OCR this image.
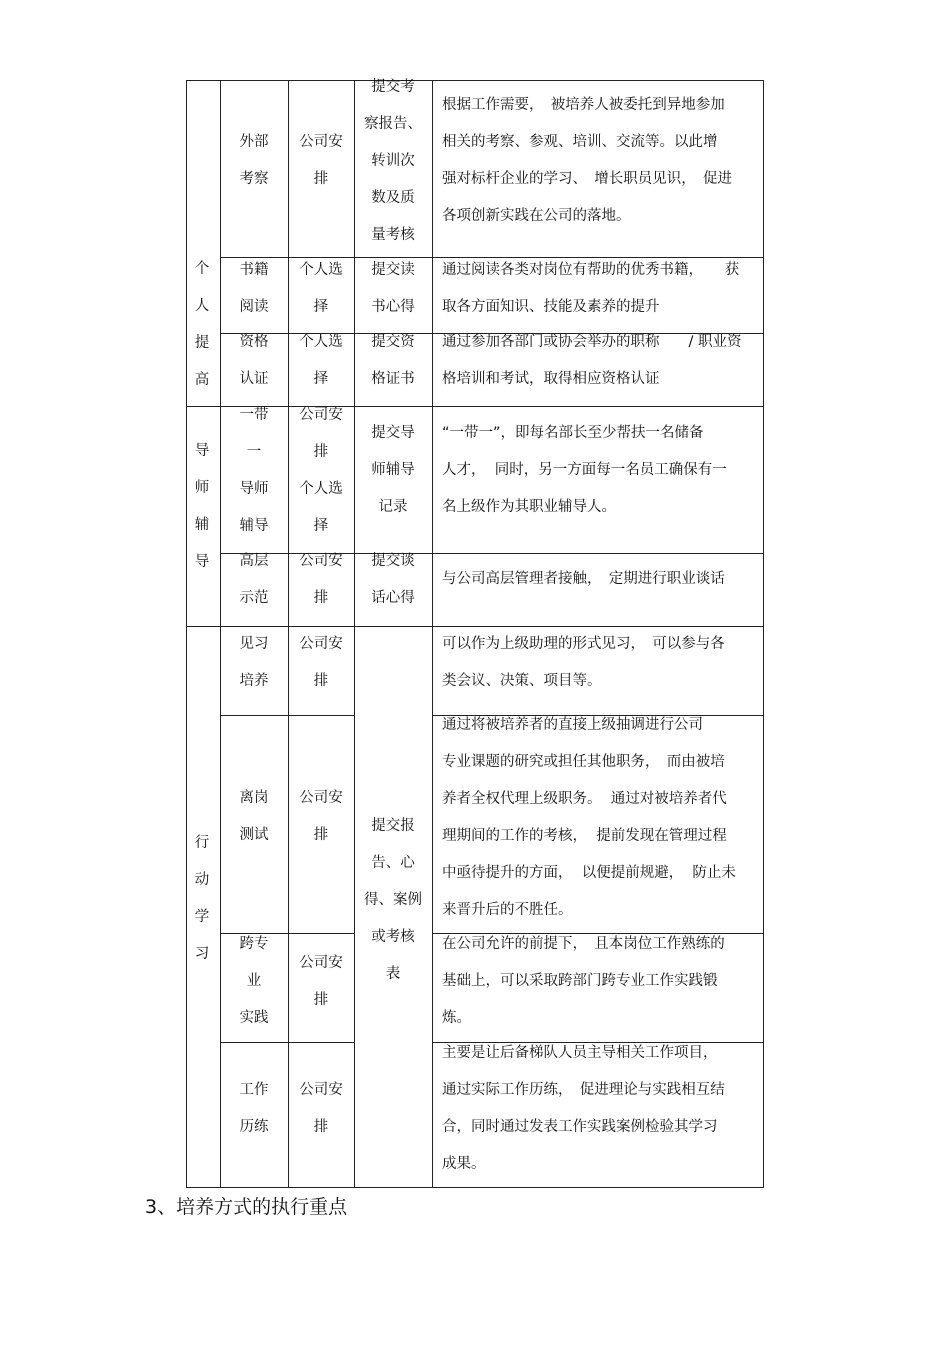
外部
考察
公司安
排
提交考
察报告、
转训次
数及质
量考核
根据工作需要，　被培养人被委托到异地参加
相关的考察、参观、培训、交流等。以此增
强对标杆企业的学习、　增长职员见识，　促进
各项创新实践在公司的落地。
书籍
阅读
个人选
择
提交读
书心得
通过阅读各类对岗位有帮助的优秀书籍，　　获
取各方面知识、技能及素养的提升
资格
认证
个人选
择
提交资
格证书
通过参加各部门或协会举办的职称　　/ 职业资
格培训和考试，取得相应资格认证
一带
一
导师
辅导
公司安
排
个人选
择
提交导
师辅导
记录
“一带一”，即每名部长至少帮扶一名储备
人才，  同时，另一方面每一名员工确保有一
名上级作为其职业辅导人。
高层
示范
公司安
排
提交谈
话心得
与公司高层管理者接触，　定期进行职业谈话
见习
培养
公司安
排
可以作为上级助理的形式见习，　可以参与各
类会议、决策、项目等。
离岗
测试
公司安
排
通过将被培养者的直接上级抽调进行公司
专业课题的研究或担任其他职务，　而由被培
养者全权代理上级职务。  通过对被培养者代
理期间的工作的考核，  提前发现在管理过程
中亟待提升的方面，  以便提前规避，  防止未
来晋升后的不胜任。
跨专
业
实践
公司安
排
在公司允许的前提下，　且本岗位工作熟练的
基础上，可以采取跨部门跨专业工作实践锻
炼。
工作
历练
公司安
排
主要是让后备梯队人员主导相关工作项目，
通过实际工作历练，　促进理论与实践相互结
合，同时通过发表工作实践案例检验其学习
成果。
提交报
告、心
得、案例
或考核
表
个
人
提
高
导
师
辅
导
行
动
学
习
3、培养方式的执行重点
